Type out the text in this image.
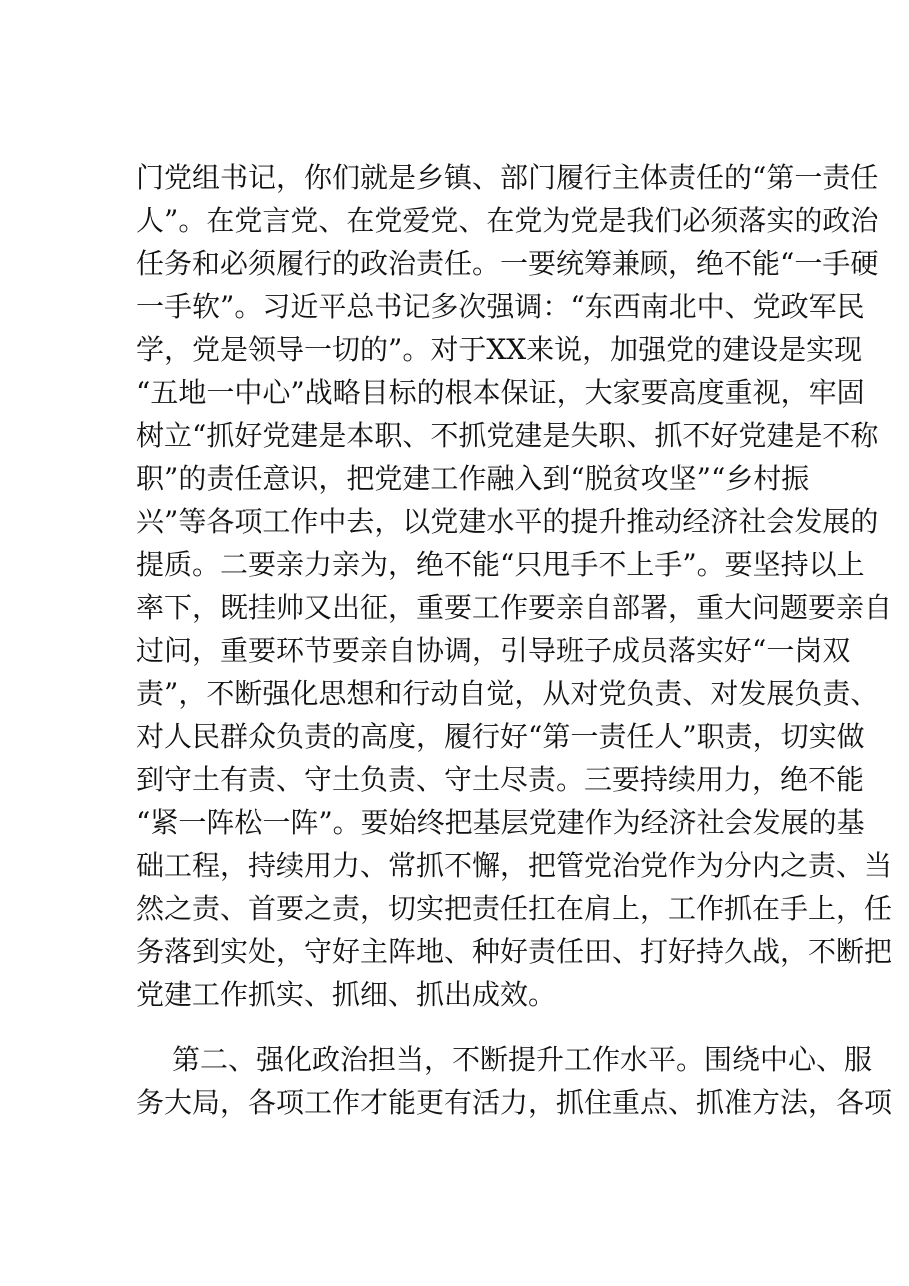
门党组书记，你们就是乡镇、部门履行主体责任的“第一责任
人”。在党言党、在党爱党、在党为党是我们必须落实的政治
任务和必须履行的政治责任。一要统筹兼顾，绝不能“一手硬
一手软”。习近平总书记多次强调：“东西南北中、党政军民
学，党是领导一切的”。对于XX来说，加强党的建设是实现
“五地一中心”战略目标的根本保证，大家要高度重视，牢固
树立“抓好党建是本职、不抓党建是失职、抓不好党建是不称
职”的责任意识，把党建工作融入到“脱贫攻坚”“乡村振
兴”等各项工作中去，以党建水平的提升推动经济社会发展的
提质。二要亲力亲为，绝不能“只甩手不上手”。要坚持以上
率下，既挂帅又出征，重要工作要亲自部署，重大问题要亲自
过问，重要环节要亲自协调，引导班子成员落实好“一岗双
责”，不断强化思想和行动自觉，从对党负责、对发展负责、
对人民群众负责的高度，履行好“第一责任人”职责，切实做
到守土有责、守土负责、守土尽责。三要持续用力，绝不能
“紧一阵松一阵”。要始终把基层党建作为经济社会发展的基
础工程，持续用力、常抓不懈，把管党治党作为分内之责、当
然之责、首要之责，切实把责任扛在肩上，工作抓在手上，任
务落到实处，守好主阵地、种好责任田、打好持久战，不断把
党建工作抓实、抓细、抓出成效。
第二、强化政治担当，不断提升工作水平。围绕中心、服
务大局，各项工作才能更有活力，抓住重点、抓准方法，各项
